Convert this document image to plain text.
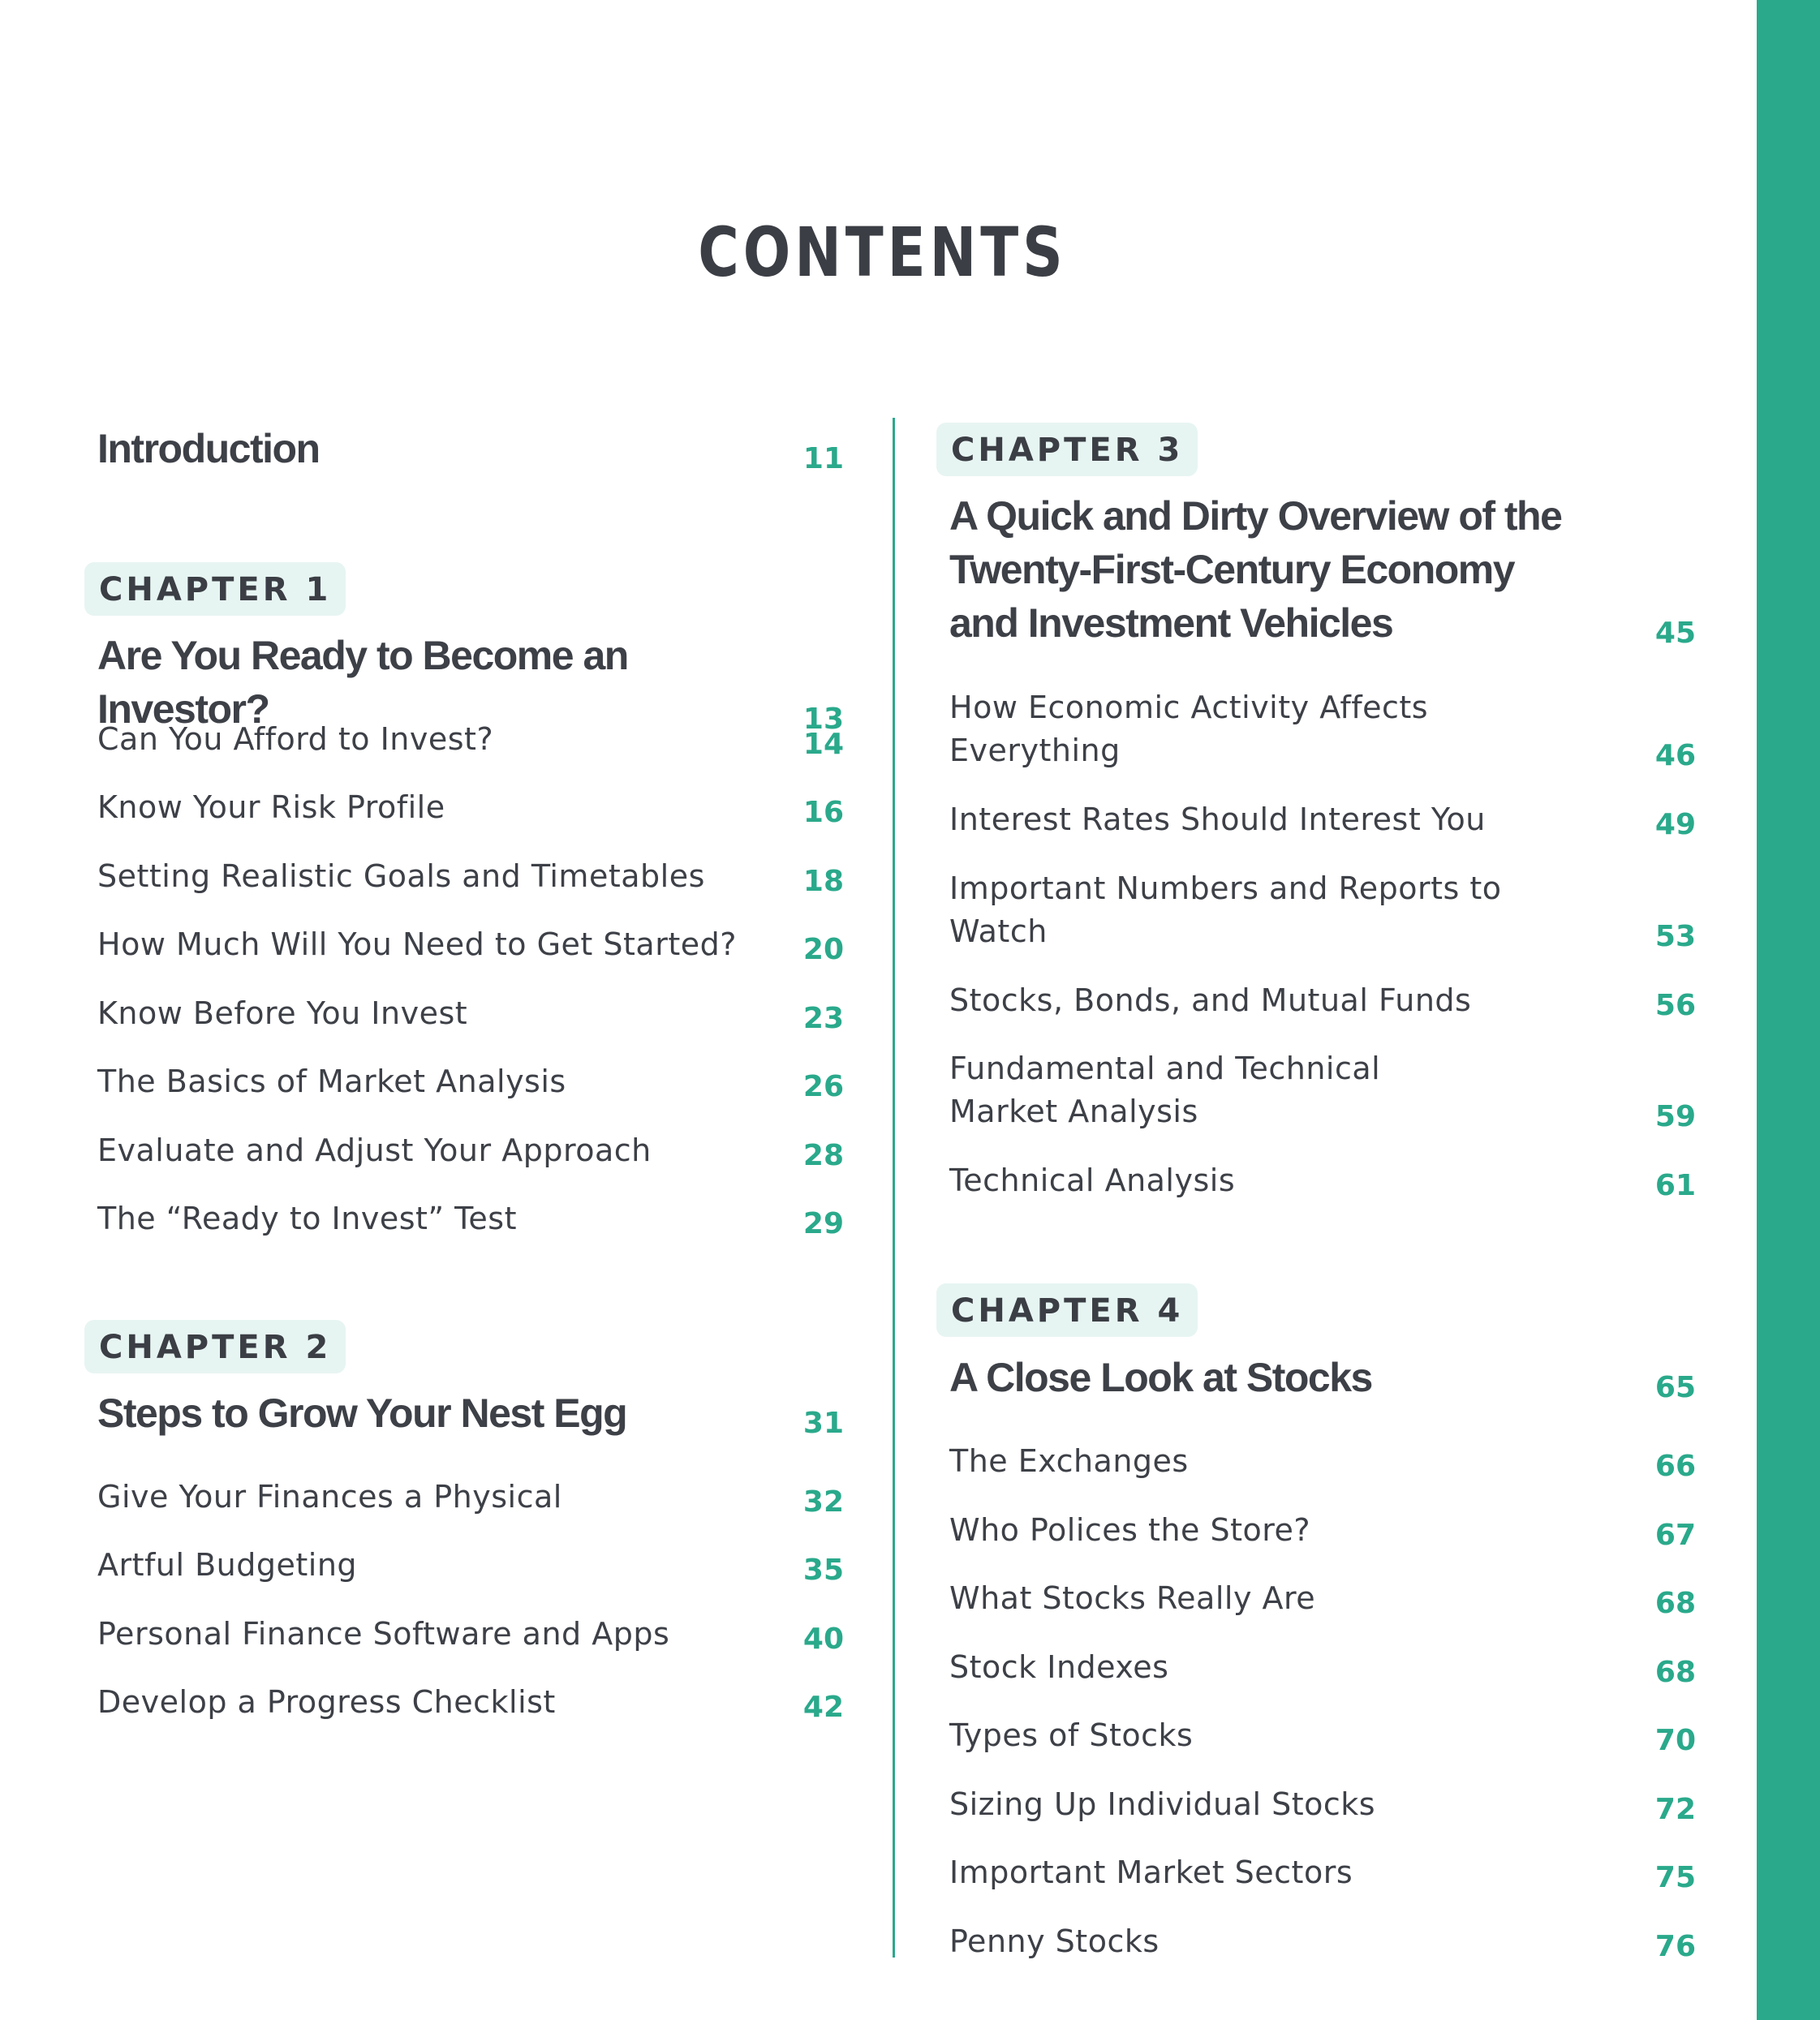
CONTENTS
Introduction	11
CHAPTER 1
Are You Ready to Become an Investor?	13
Can You Afford to Invest?	14
Know Your Risk Profile	16
Setting Realistic Goals and Timetables	18
How Much Will You Need to Get Started?	20
Know Before You Invest	23
The Basics of Market Analysis	26
Evaluate and Adjust Your Approach	28
The “Ready to Invest” Test	29
CHAPTER 2
Steps to Grow Your Nest Egg	31
Give Your Finances a Physical	32
Artful Budgeting	35
Personal Finance Software and Apps	40
Develop a Progress Checklist	42
CHAPTER 3
A Quick and Dirty Overview of the Twenty-First-Century Economy and Investment Vehicles	45
How Economic Activity Affects Everything	46
Interest Rates Should Interest You	49
Important Numbers and Reports to Watch	53
Stocks, Bonds, and Mutual Funds	56
Fundamental and Technical Market Analysis	59
Technical Analysis	61
CHAPTER 4
A Close Look at Stocks	65
The Exchanges	66
Who Polices the Store?	67
What Stocks Really Are	68
Stock Indexes	68
Types of Stocks	70
Sizing Up Individual Stocks	72
Important Market Sectors	75
Penny Stocks	76
